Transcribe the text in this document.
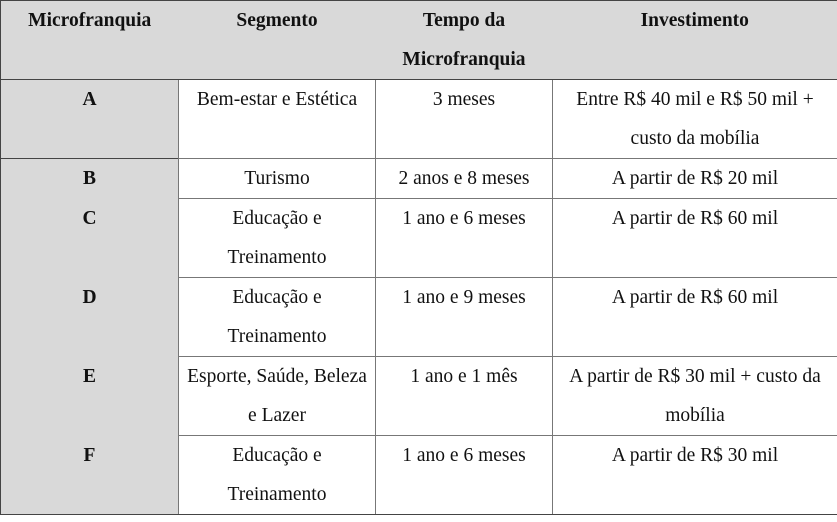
Microfranquia	Segmento	Tempo da Microfranquia	Investimento
A	Bem-estar e Estética	3 meses	Entre R$ 40 mil e R$ 50 mil + custo da mobília
B	Turismo	2 anos e 8 meses	A partir de R$ 20 mil
C	Educação e Treinamento	1 ano e 6 meses	A partir de R$ 60 mil
D	Educação e Treinamento	1 ano e 9 meses	A partir de R$ 60 mil
E	Esporte, Saúde, Beleza e Lazer	1 ano e 1 mês	A partir de R$ 30 mil + custo da mobília
F	Educação e Treinamento	1 ano e 6 meses	A partir de R$ 30 mil
